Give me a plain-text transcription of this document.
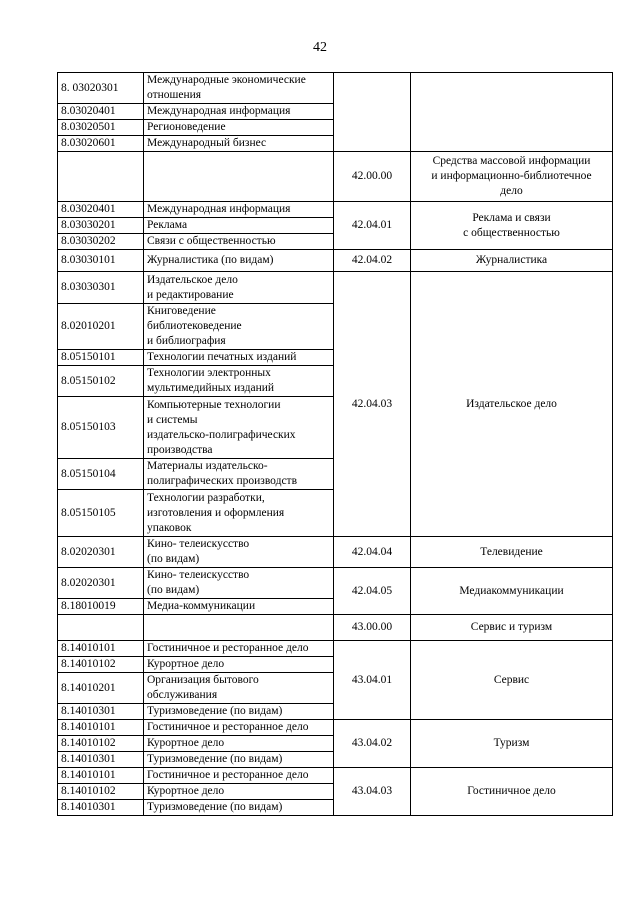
42
8. 03020301	Международные экономические
отношения		
8.03020401	Международная информация		
8.03020501	Регионоведение		
8.03020601	Международный бизнес		
		42.00.00	Средства массовой информации
и информационно-библиотечное
дело
8.03020401	Международная информация	42.04.01	Реклама и связи
с общественностью
8.03030201	Реклама		
8.03030202	Связи с общественностью		
8.03030101	Журналистика (по видам)	42.04.02	Журналистика
8.03030301	Издательское дело
и редактирование	42.04.03	Издательское дело
8.02010201	Книговедение
библиотековедение
и библиография		
8.05150101	Технологии печатных изданий		
8.05150102	Технологии электронных
мультимедийных изданий		
8.05150103	Компьютерные технологии
и системы
издательско-полиграфических
производства		
8.05150104	Материалы издательско-
полиграфических производств		
8.05150105	Технологии разработки,
изготовления и оформления
упаковок		
8.02020301	Кино- телеискусство
(по видам)	42.04.04	Телевидение
8.02020301	Кино- телеискусство
(по видам)	42.04.05	Медиакоммуникации
8.18010019	Медиа-коммуникации		
		43.00.00	Сервис и туризм
8.14010101	Гостиничное и ресторанное дело	43.04.01	Сервис
8.14010102	Курортное дело		
8.14010201	Организация бытового
обслуживания		
8.14010301	Туризмоведение (по видам)		
8.14010101	Гостиничное и ресторанное дело	43.04.02	Туризм
8.14010102	Курортное дело		
8.14010301	Туризмоведение (по видам)		
8.14010101	Гостиничное и ресторанное дело	43.04.03	Гостиничное дело
8.14010102	Курортное дело		
8.14010301	Туризмоведение (по видам)		
